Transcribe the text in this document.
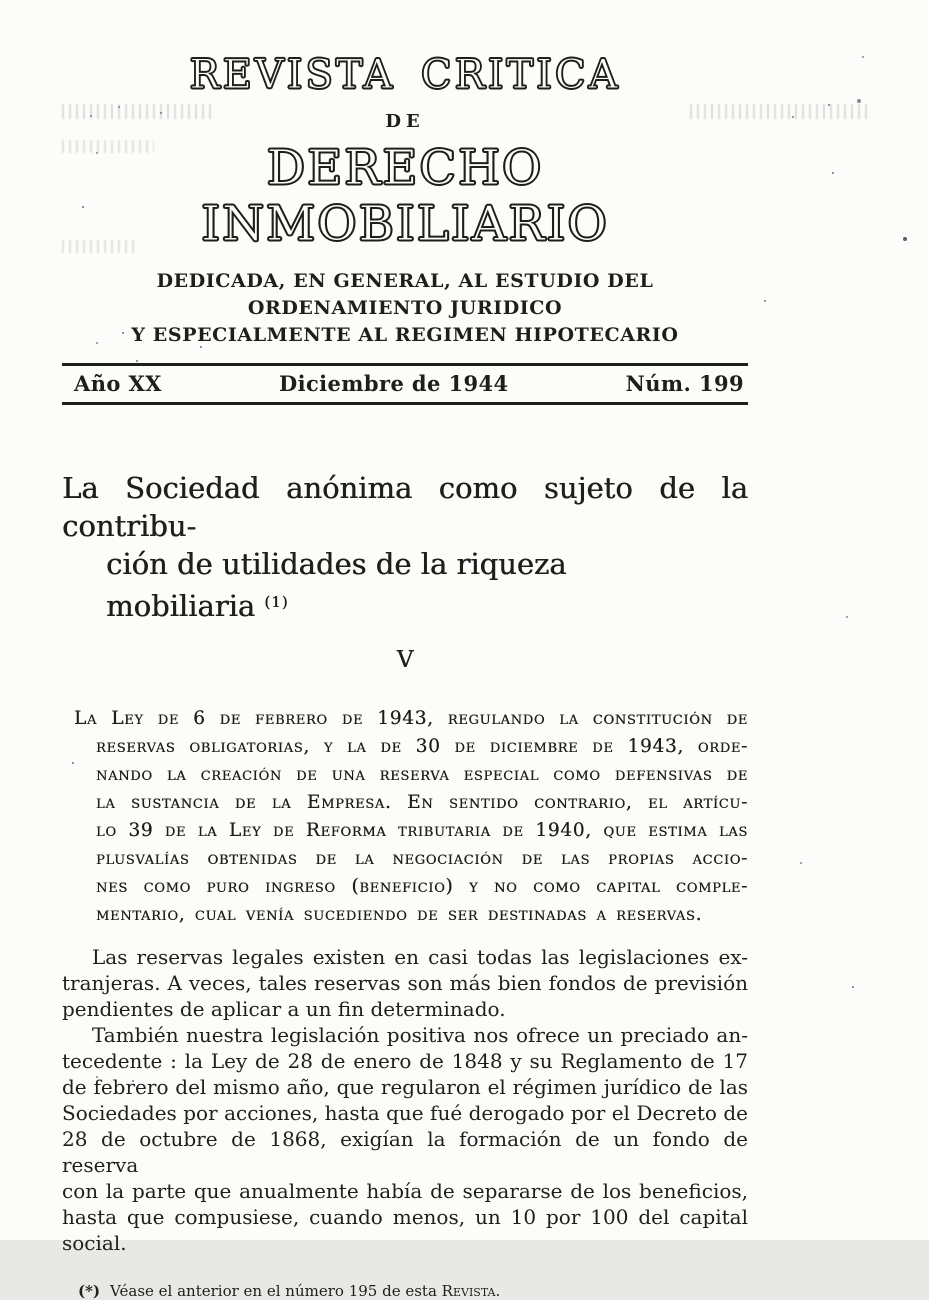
REVISTA CRITICA
DE
DERECHO INMOBILIARIO
DEDICADA, EN GENERAL, AL ESTUDIO DEL ORDENAMIENTO JURIDICO
Y ESPECIALMENTE AL REGIMEN HIPOTECARIO
Año XX	Diciembre de 1944	Núm. 199
La Sociedad anónima como sujeto de la contribu-
ción de utilidades de la riqueza mobiliaria $^{(1)}$
V
La Ley de 6 de febrero de 1943, regulando la constitución de
reservas obligatorias, y la de 30 de diciembre de 1943, orde-
nando la creación de una reserva especial como defensivas de
la sustancia de la Empresa. En sentido contrario, el artícu-
lo 39 de la Ley de Reforma tributaria de 1940, que estima las
plusvalías obtenidas de la negociación de las propias accio-
nes como puro ingreso (beneficio) y no como capital comple-
mentario, cual venía sucediendo de ser destinadas a reservas.
Las reservas legales existen en casi todas las legislaciones ex-
tranjeras. A veces, tales reservas son más bien fondos de previsión
pendientes de aplicar a un fin determinado.
También nuestra legislación positiva nos ofrece un preciado an-
tecedente : la Ley de 28 de enero de 1848 y su Reglamento de 17
de febrero del mismo año, que regularon el régimen jurídico de las
Sociedades por acciones, hasta que fué derogado por el Decreto de
28 de octubre de 1868, exigían la formación de un fondo de reserva
con la parte que anualmente había de separarse de los beneficios,
hasta que compusiese, cuando menos, un 10 por 100 del capital
social.
(*) Véase el anterior en el número 195 de esta Revista.
